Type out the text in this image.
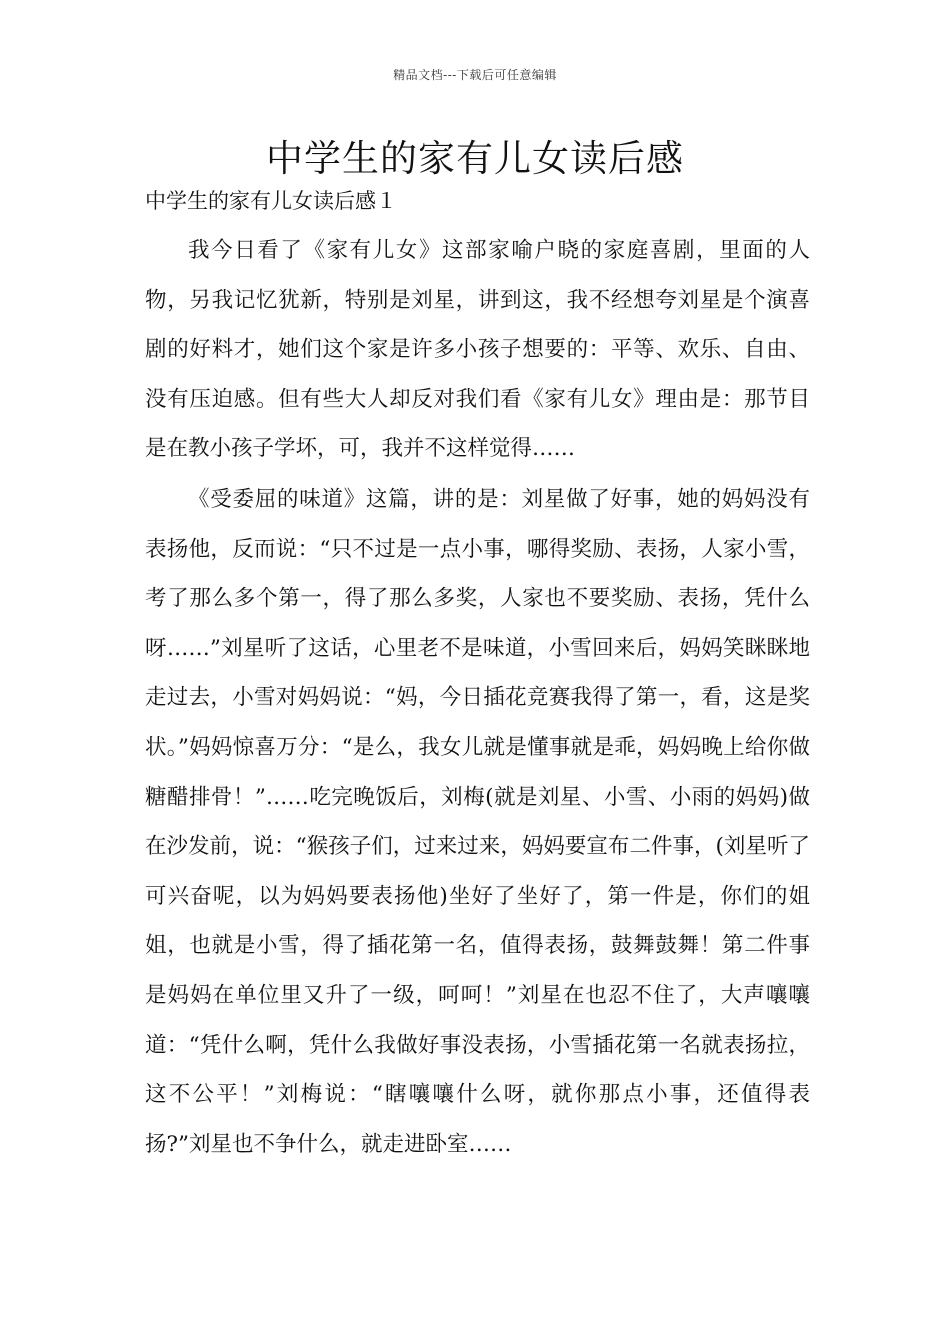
精品文档---下载后可任意编辑
中学生的家有儿女读后感
中学生的家有儿女读后感１

我今日看了《家有儿女》这部家喻户晓的家庭喜剧，里面的人物，另我记忆犹新，特别是刘星，讲到这，我不经想夸刘星是个演喜剧的好料才，她们这个家是许多小孩子想要的：平等、欢乐、自由、没有压迫感。但有些大人却反对我们看《家有儿女》理由是：那节目是在教小孩子学坏，可，我并不这样觉得……

《受委屈的味道》这篇，讲的是：刘星做了好事，她的妈妈没有表扬他，反而说：“只不过是一点小事，哪得奖励、表扬，人家小雪，考了那么多个第一，得了那么多奖，人家也不要奖励、表扬，凭什么呀……”刘星听了这话，心里老不是味道，小雪回来后，妈妈笑眯眯地走过去，小雪对妈妈说：“妈，今日插花竞赛我得了第一，看，这是奖状。”妈妈惊喜万分：“是么，我女儿就是懂事就是乖，妈妈晚上给你做糖醋排骨！”……吃完晚饭后，刘梅(就是刘星、小雪、小雨的妈妈)做在沙发前，说：“猴孩子们，过来过来，妈妈要宣布二件事，(刘星听了可兴奋呢，以为妈妈要表扬他)坐好了坐好了，第一件是，你们的姐姐，也就是小雪，得了插花第一名，值得表扬，鼓舞鼓舞！第二件事是妈妈在单位里又升了一级，呵呵！”刘星在也忍不住了，大声嚷嚷道：“凭什么啊，凭什么我做好事没表扬，小雪插花第一名就表扬拉，这不公平！”刘梅说：“瞎嚷嚷什么呀，就你那点小事，还值得表扬?”刘星也不争什么，就走进卧室……
